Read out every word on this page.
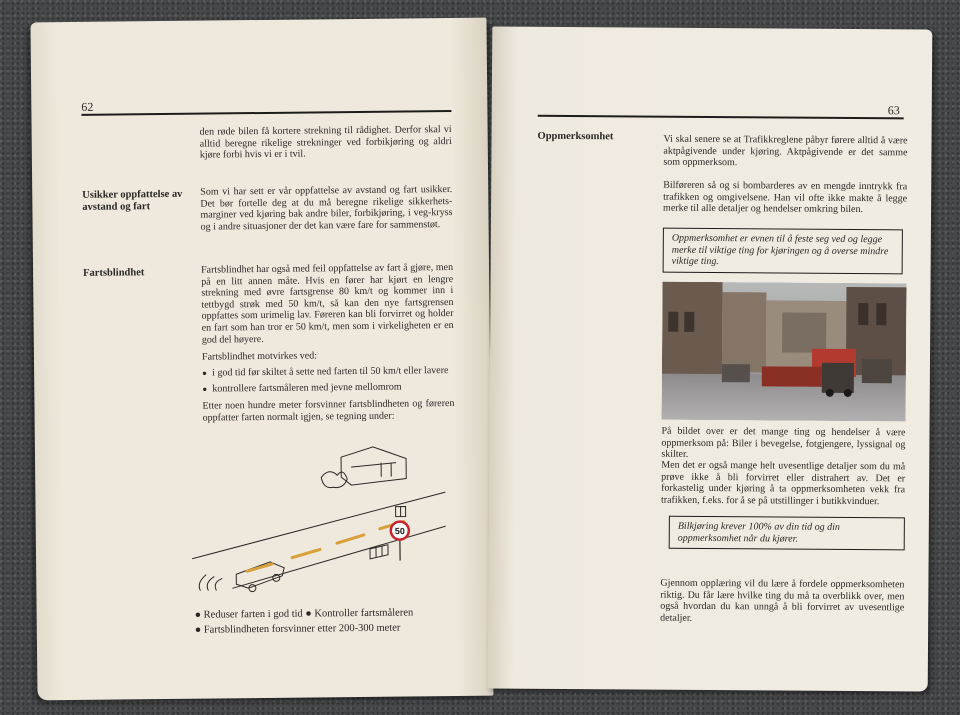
62
den røde bilen få kortere strekning til rådighet. Derfor skal vi alltid beregne rikelige strekninger ved forbikjøring og aldri kjøre forbi hvis vi er i tvil.
Usikker oppfattelse av avstand og fart
Som vi har sett er vår oppfattelse av avstand og fart usikker. Det bør fortelle deg at du må beregne rikelige sikkerhets-marginer ved kjøring bak andre biler, forbikjøring, i veg-kryss og i andre situasjoner der det kan være fare for sammenstøt.
Fartsblindhet	Fartsblindhet har også med feil oppfattelse av fart å gjøre, men på en litt annen måte. Hvis en fører har kjørt en lengre strekning med øvre fartsgrense 80 km/t og kommer inn i tettbygd strøk med 50 km/t, så kan den nye fartsgrensen oppfattes som urimelig lav. Føreren kan bli forvirret og holder en fart som han tror er 50 km/t, men som i virkeligheten er en god del høyere.

Fartsblindhet motvirkes ved:

● i god tid før skiltet å sette ned farten til 50 km/t eller lavere
● kontrollere fartsmåleren med jevne mellomrom

Etter noen hundre meter forsvinner fartsblindheten og føreren oppfatter farten normalt igjen, se tegning under:

50
● Reduser farten i god tid ● Kontroller fartsmåleren
● Fartsblindheten forsvinner etter 200-300 meter
63
Oppmerksomhet	Vi skal senere se at Trafikkreglene påbyr førere alltid å være aktpågivende under kjøring. Aktpågivende er det samme som oppmerksom.
Bilføreren så og si bombarderes av en mengde inntrykk fra trafikken og omgivelsene. Han vil ofte ikke makte å legge merke til alle detaljer og hendelser omkring bilen.
Oppmerksomhet er evnen til å feste seg ved og legge merke til viktige ting for kjøringen og å overse mindre viktige ting.
På bildet over er det mange ting og hendelser å være oppmerksom på: Biler i bevegelse, fotgjengere, lyssignal og skilter.
Men det er også mange helt uvesentlige detaljer som du må prøve ikke å bli forvirret eller distrahert av. Det er forkastelig under kjøring å ta oppmerksomheten vekk fra trafikken, f.eks. for å se på utstillinger i butikkvinduer.
Bilkjøring krever 100% av din tid og din oppmerksomhet når du kjører.
Gjennom opplæring vil du lære å fordele oppmerksomheten riktig. Du får lære hvilke ting du må ta overblikk over, men også hvordan du kan unngå å bli forvirret av uvesentlige detaljer.
